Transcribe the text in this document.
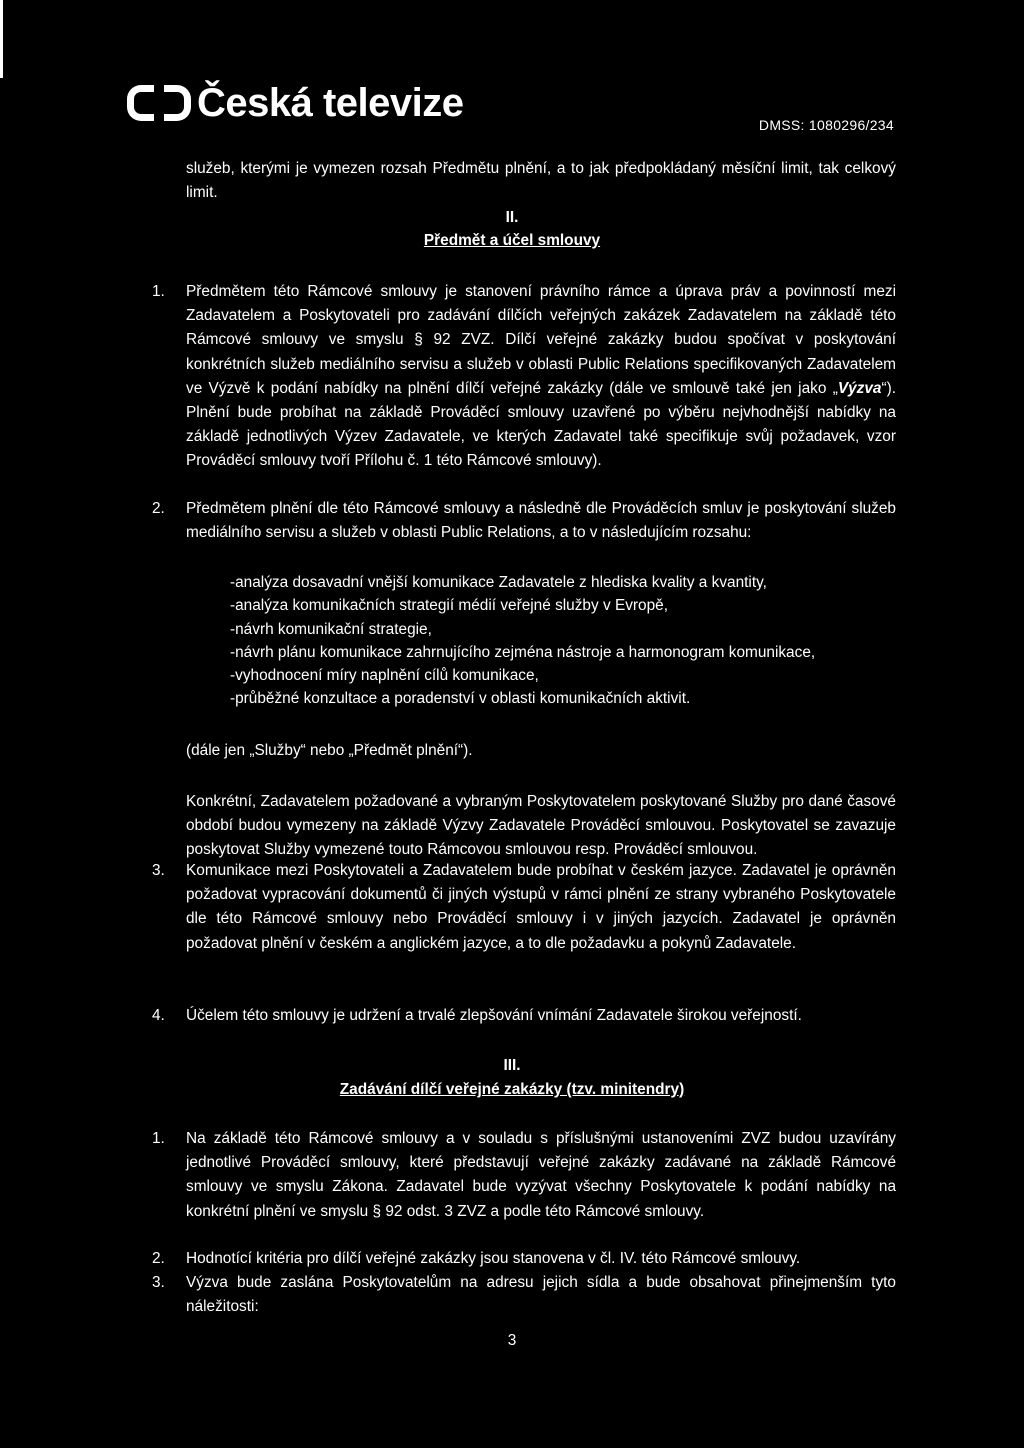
Česká televize	DMSS: 1080296/234
služeb, kterými je vymezen rozsah Předmětu plnění, a to jak předpokládaný měsíční limit, tak celkový limit.
II.
Předmět a účel smlouvy
1.	Předmětem této Rámcové smlouvy je stanovení právního rámce a úprava práv a povinností mezi Zadavatelem a Poskytovateli pro zadávání dílčích veřejných zakázek Zadavatelem na základě této Rámcové smlouvy ve smyslu § 92 ZVZ. Dílčí veřejné zakázky budou spočívat v poskytování konkrétních služeb mediálního servisu a služeb v oblasti Public Relations specifikovaných Zadavatelem ve Výzvě k podání nabídky na plnění dílčí veřejné zakázky (dále ve smlouvě také jen jako „Výzva“). Plnění bude probíhat na základě Prováděcí smlouvy uzavřené po výběru nejvhodnější nabídky na základě jednotlivých Výzev Zadavatele, ve kterých Zadavatel také specifikuje svůj požadavek, vzor Prováděcí smlouvy tvoří Přílohu č. 1 této Rámcové smlouvy).
2.	Předmětem plnění dle této Rámcové smlouvy a následně dle Prováděcích smluv je poskytování služeb mediálního servisu a služeb v oblasti Public Relations, a to v následujícím rozsahu:
-analýza dosavadní vnější komunikace Zadavatele z hlediska kvality a kvantity,
-analýza komunikačních strategií médií veřejné služby v Evropě,
-návrh komunikační strategie,
-návrh plánu komunikace zahrnujícího zejména nástroje a harmonogram komunikace,
-vyhodnocení míry naplnění cílů komunikace,
-průběžné konzultace a poradenství v oblasti komunikačních aktivit.
(dále jen „Služby“ nebo „Předmět plnění“).
Konkrétní, Zadavatelem požadované a vybraným Poskytovatelem poskytované Služby pro dané časové období budou vymezeny na základě Výzvy Zadavatele Prováděcí smlouvou. Poskytovatel se zavazuje poskytovat Služby vymezené touto Rámcovou smlouvou resp. Prováděcí smlouvou.
3.	Komunikace mezi Poskytovateli a Zadavatelem bude probíhat v českém jazyce. Zadavatel je oprávněn požadovat vypracování dokumentů či jiných výstupů v rámci plnění ze strany vybraného Poskytovatele dle této Rámcové smlouvy nebo Prováděcí smlouvy i v jiných jazycích. Zadavatel je oprávněn požadovat plnění v českém a anglickém jazyce, a to dle požadavku a pokynů Zadavatele.
4.	Účelem této smlouvy je udržení a trvalé zlepšování vnímání Zadavatele širokou veřejností.
III.
Zadávání dílčí veřejné zakázky (tzv. minitendry)
1.	Na základě této Rámcové smlouvy a v souladu s příslušnými ustanoveními ZVZ budou uzavírány jednotlivé Prováděcí smlouvy, které představují veřejné zakázky zadávané na základě Rámcové smlouvy ve smyslu Zákona. Zadavatel bude vyzývat všechny Poskytovatele k podání nabídky na konkrétní plnění ve smyslu § 92 odst. 3 ZVZ a podle této Rámcové smlouvy.
2.	Hodnotící kritéria pro dílčí veřejné zakázky jsou stanovena v čl. IV. této Rámcové smlouvy.
3.	Výzva bude zaslána Poskytovatelům na adresu jejich sídla a bude obsahovat přinejmenším tyto náležitosti:
3
